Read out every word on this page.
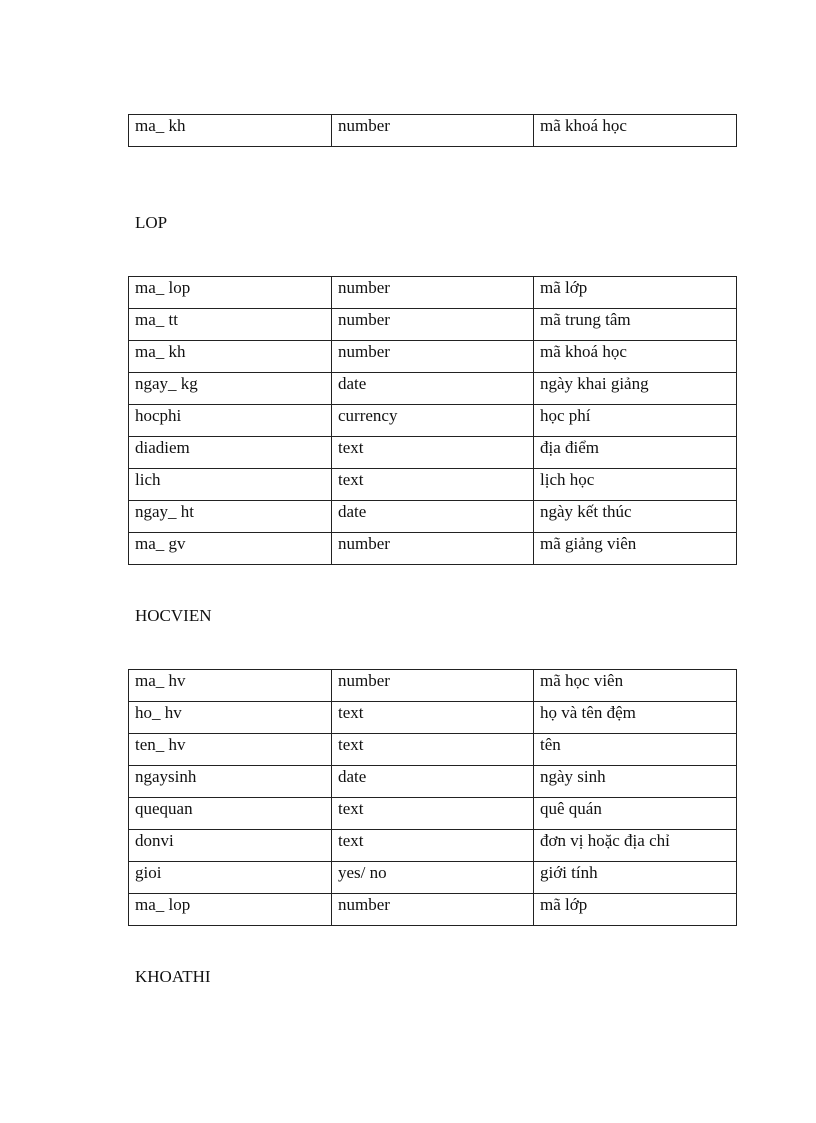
ma_ kh	number	mã khoá học
LOP
ma_ lop	number	mã lớp
ma_ tt	number	mã trung tâm
ma_ kh	number	mã khoá học
ngay_ kg	date	ngày khai giảng
hocphi	currency	học phí
diadiem	text	địa điểm
lich	text	lịch học
ngay_ ht	date	ngày kết thúc
ma_ gv	number	mã giảng viên
HOCVIEN
ma_ hv	number	mã học viên
ho_ hv	text	họ và tên đệm
ten_ hv	text	tên
ngaysinh	date	ngày sinh
quequan	text	quê quán
donvi	text	đơn vị hoặc địa chỉ
gioi	yes/ no	giới tính
ma_ lop	number	mã lớp
KHOATHI
